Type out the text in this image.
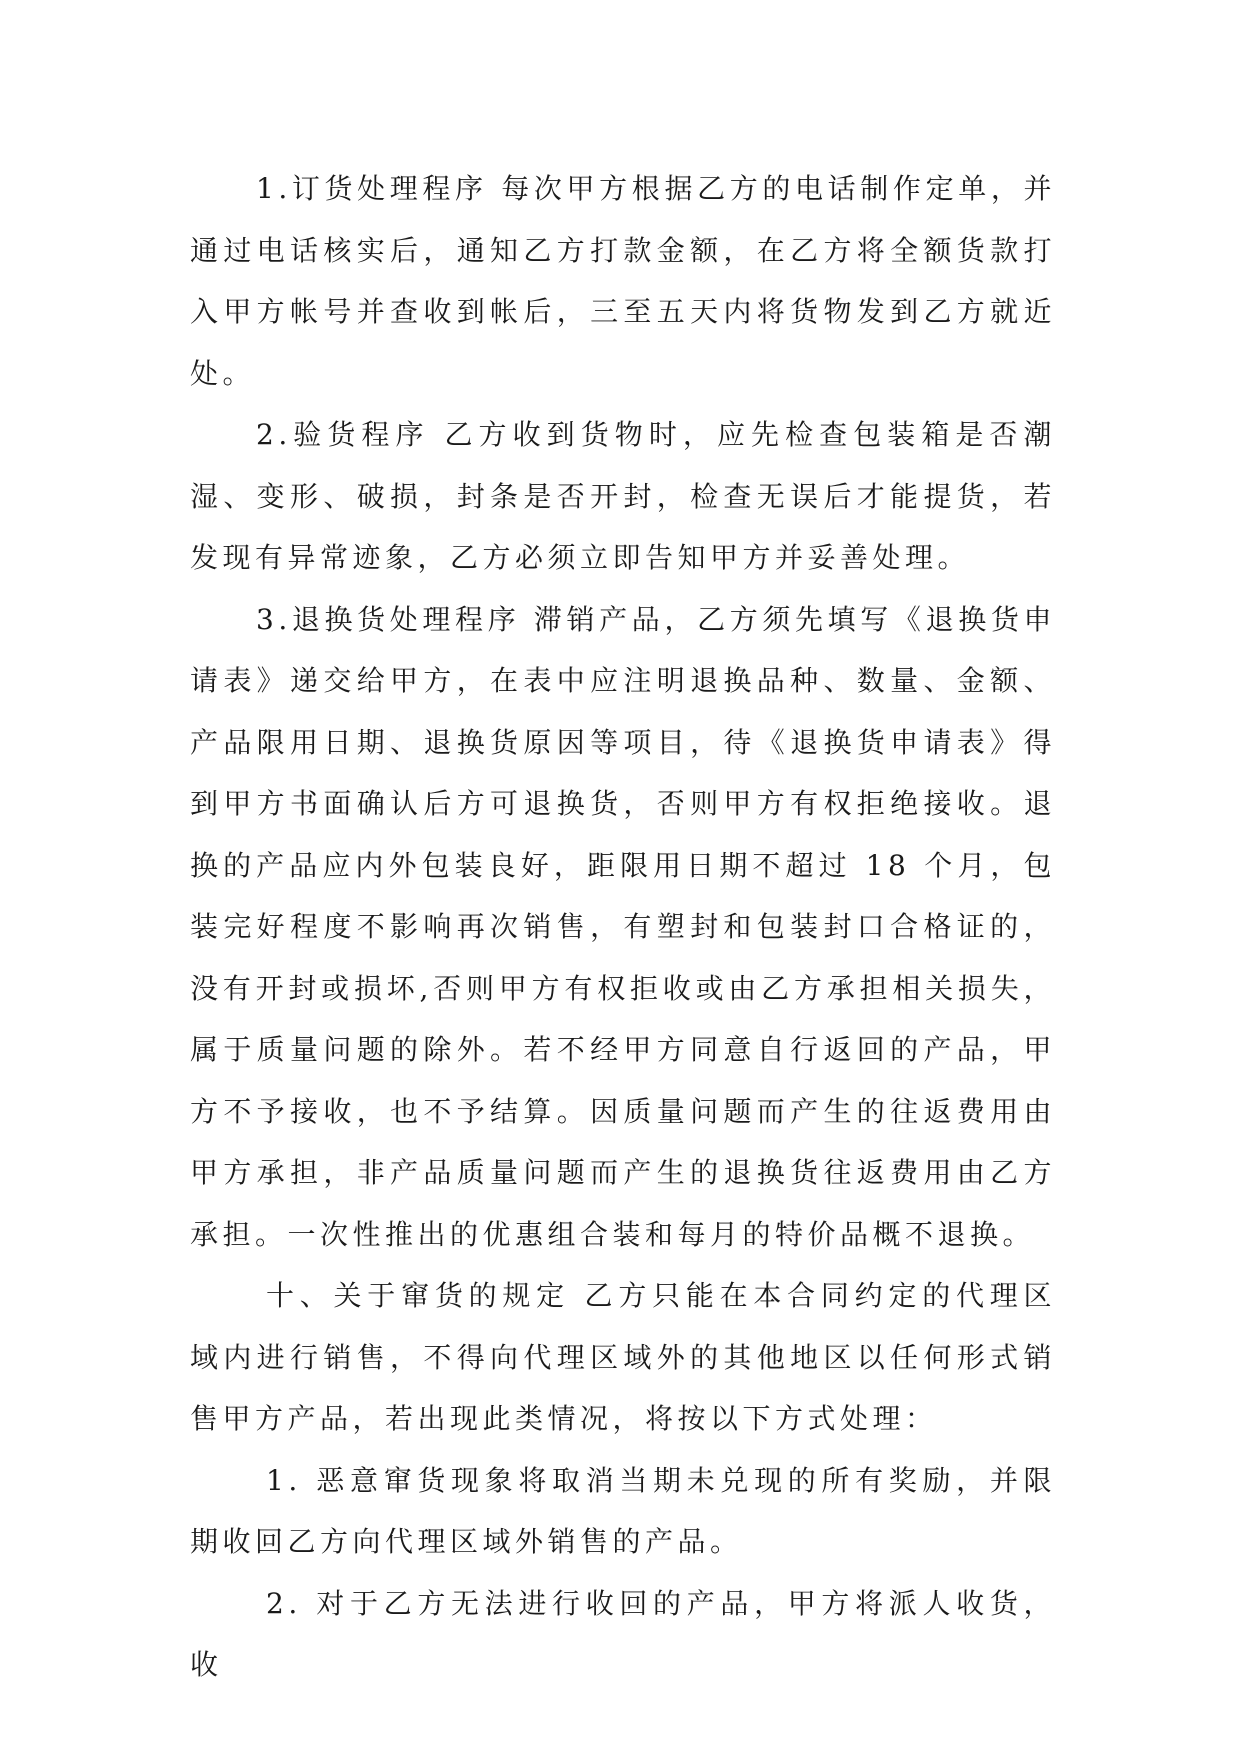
1.订货处理程序 每次甲方根据乙方的电话制作定单，并通过电话核实后，通知乙方打款金额，在乙方将全额货款打入甲方帐号并查收到帐后，三至五天内将货物发到乙方就近处。

2.验货程序 乙方收到货物时，应先检查包装箱是否潮湿、变形、破损，封条是否开封，检查无误后才能提货，若发现有异常迹象，乙方必须立即告知甲方并妥善处理。

3.退换货处理程序 滞销产品，乙方须先填写《退换货申请表》递交给甲方，在表中应注明退换品种、数量、金额、产品限用日期、退换货原因等项目，待《退换货申请表》得到甲方书面确认后方可退换货，否则甲方有权拒绝接收。退换的产品应内外包装良好，距限用日期不超过 18 个月，包装完好程度不影响再次销售，有塑封和包装封口合格证的，没有开封或损坏,否则甲方有权拒收或由乙方承担相关损失，属于质量问题的除外。若不经甲方同意自行返回的产品，甲方不予接收，也不予结算。因质量问题而产生的往返费用由甲方承担，非产品质量问题而产生的退换货往返费用由乙方承担。一次性推出的优惠组合装和每月的特价品概不退换。

十、关于窜货的规定 乙方只能在本合同约定的代理区域内进行销售，不得向代理区域外的其他地区以任何形式销售甲方产品，若出现此类情况，将按以下方式处理：

1. 恶意窜货现象将取消当期未兑现的所有奖励，并限期收回乙方向代理区域外销售的产品。

2. 对于乙方无法进行收回的产品，甲方将派人收货，收
